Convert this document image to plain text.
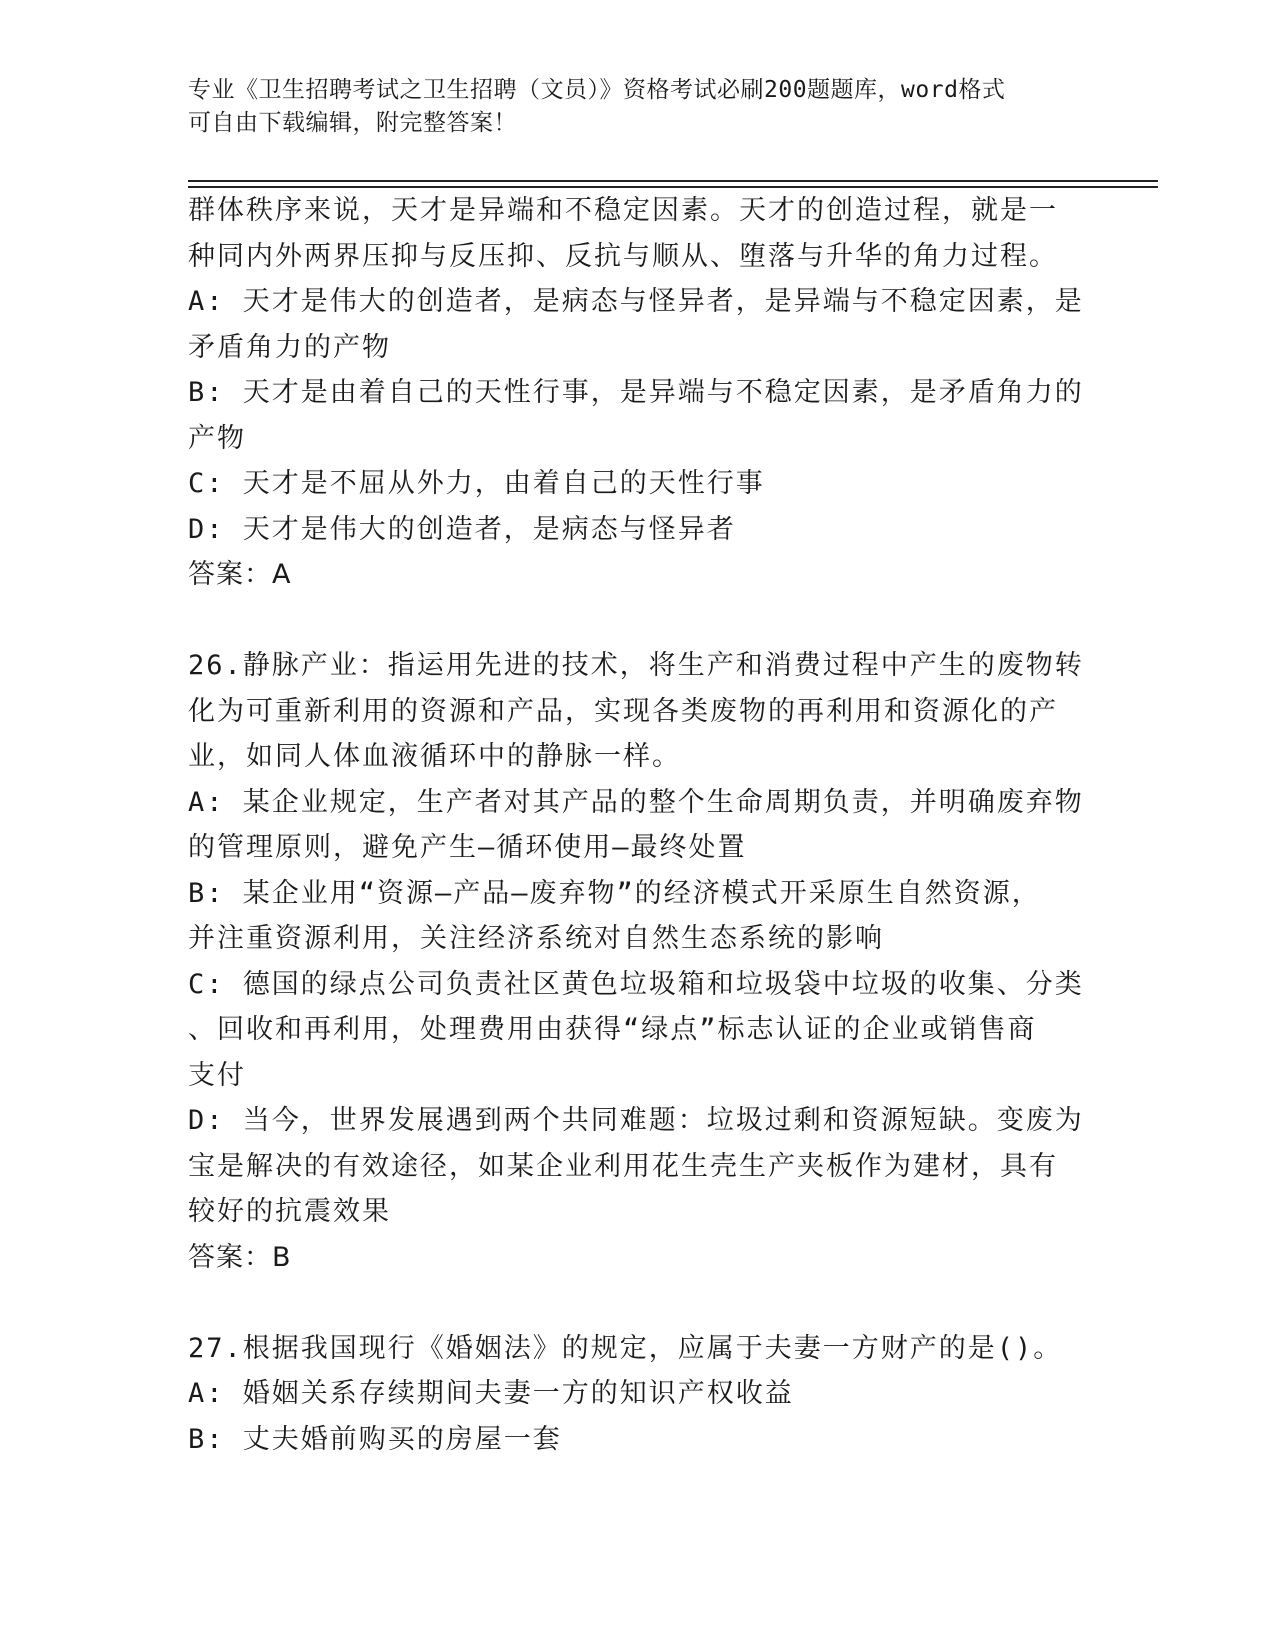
专业《卫生招聘考试之卫生招聘（文员）》资格考试必刷200题题库，word格式
可自由下载编辑，附完整答案！
群体秩序来说，天才是异端和不稳定因素。天才的创造过程，就是一
种同内外两界压抑与反压抑、反抗与顺从、堕落与升华的角力过程。
A: 天才是伟大的创造者，是病态与怪异者，是异端与不稳定因素，是
矛盾角力的产物
B: 天才是由着自己的天性行事，是异端与不稳定因素，是矛盾角力的
产物
C: 天才是不屈从外力，由着自己的天性行事
D: 天才是伟大的创造者，是病态与怪异者
答案：A
26.静脉产业：指运用先进的技术，将生产和消费过程中产生的废物转
化为可重新利用的资源和产品，实现各类废物的再利用和资源化的产
业，如同人体血液循环中的静脉一样。
A: 某企业规定，生产者对其产品的整个生命周期负责，并明确废弃物
的管理原则，避免产生—循环使用—最终处置
B: 某企业用“资源—产品—废弃物”的经济模式开采原生自然资源，
并注重资源利用，关注经济系统对自然生态系统的影响
C: 德国的绿点公司负责社区黄色垃圾箱和垃圾袋中垃圾的收集、分类
、回收和再利用，处理费用由获得“绿点”标志认证的企业或销售商
支付
D: 当今，世界发展遇到两个共同难题：垃圾过剩和资源短缺。变废为
宝是解决的有效途径，如某企业利用花生壳生产夹板作为建材，具有
较好的抗震效果
答案：B
27.根据我国现行《婚姻法》的规定，应属于夫妻一方财产的是()。
A: 婚姻关系存续期间夫妻一方的知识产权收益
B: 丈夫婚前购买的房屋一套
